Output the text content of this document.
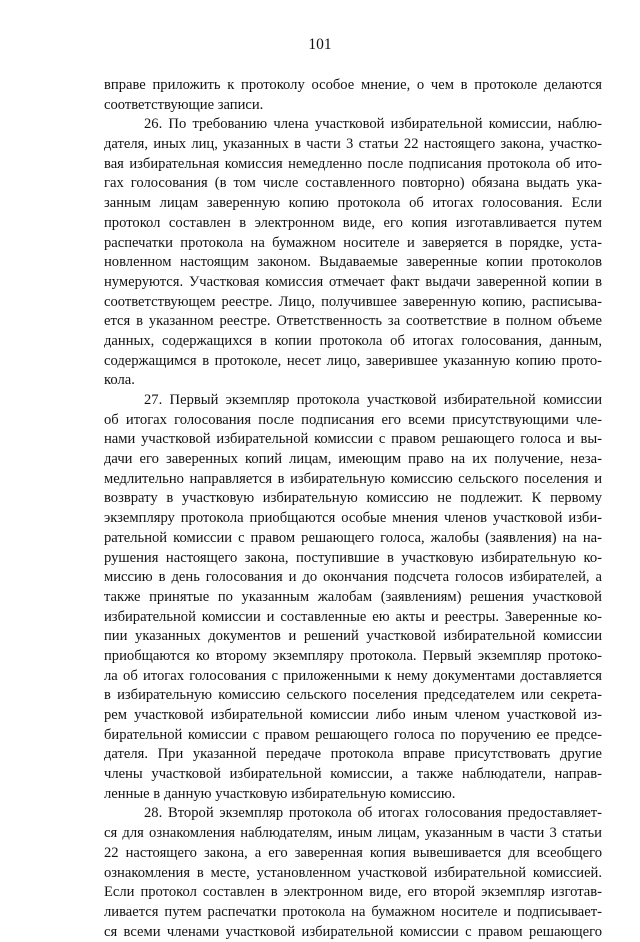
101
вправе приложить к протоколу особое мнение, о чем в протоколе делаются
соответствующие записи.
26. По требованию члена участковой избирательной комиссии, наблю-
дателя, иных лиц, указанных в части 3 статьи 22 настоящего закона, участко-
вая избирательная комиссия немедленно после подписания протокола об ито-
гах голосования (в том числе составленного повторно) обязана выдать ука-
занным лицам заверенную копию протокола об итогах голосования. Если
протокол составлен в электронном виде, его копия изготавливается путем
распечатки протокола на бумажном носителе и заверяется в порядке, уста-
новленном настоящим законом. Выдаваемые заверенные копии протоколов
нумеруются. Участковая комиссия отмечает факт выдачи заверенной копии в
соответствующем реестре. Лицо, получившее заверенную копию, расписыва-
ется в указанном реестре. Ответственность за соответствие в полном объеме
данных, содержащихся в копии протокола об итогах голосования, данным,
содержащимся в протоколе, несет лицо, заверившее указанную копию прото-
кола.
27. Первый экземпляр протокола участковой избирательной комиссии
об итогах голосования после подписания его всеми присутствующими чле-
нами участковой избирательной комиссии с правом решающего голоса и вы-
дачи его заверенных копий лицам, имеющим право на их получение, неза-
медлительно направляется в избирательную комиссию сельского поселения и
возврату в участковую избирательную комиссию не подлежит. К первому
экземпляру протокола приобщаются особые мнения членов участковой изби-
рательной комиссии с правом решающего голоса, жалобы (заявления) на на-
рушения настоящего закона, поступившие в участковую избирательную ко-
миссию в день голосования и до окончания подсчета голосов избирателей, а
также принятые по указанным жалобам (заявлениям) решения участковой
избирательной комиссии и составленные ею акты и реестры. Заверенные ко-
пии указанных документов и решений участковой избирательной комиссии
приобщаются ко второму экземпляру протокола. Первый экземпляр протоко-
ла об итогах голосования с приложенными к нему документами доставляется
в избирательную комиссию сельского поселения председателем или секрета-
рем участковой избирательной комиссии либо иным членом участковой из-
бирательной комиссии с правом решающего голоса по поручению ее предсе-
дателя. При указанной передаче протокола вправе присутствовать другие
члены участковой избирательной комиссии, а также наблюдатели, направ-
ленные в данную участковую избирательную комиссию.
28. Второй экземпляр протокола об итогах голосования предоставляет-
ся для ознакомления наблюдателям, иным лицам, указанным в части 3 статьи
22 настоящего закона, а его заверенная копия вывешивается для всеобщего
ознакомления в месте, установленном участковой избирательной комиссией.
Если протокол составлен в электронном виде, его второй экземпляр изготав-
ливается путем распечатки протокола на бумажном носителе и подписывает-
ся всеми членами участковой избирательной комиссии с правом решающего
